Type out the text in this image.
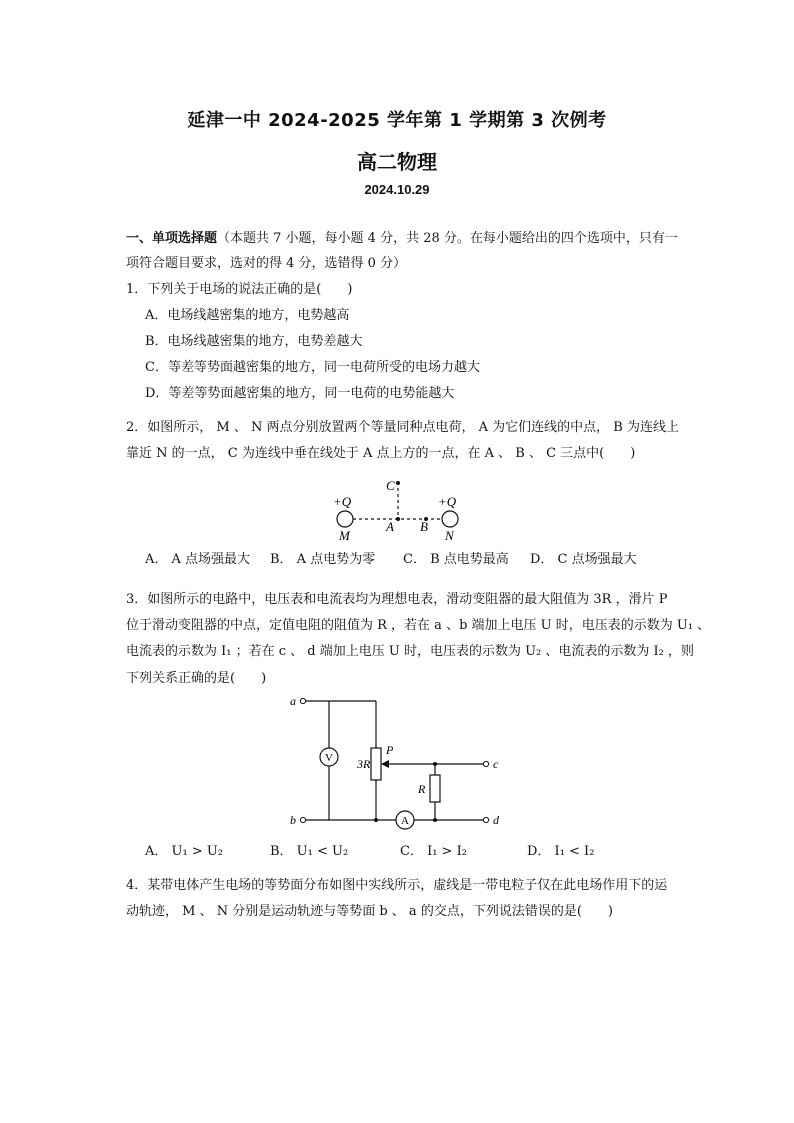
延津一中 2024-2025 学年第 1 学期第 3 次例考
高二物理
2024.10.29
一、单项选择题（本题共 7 小题，每小题 4 分，共 28 分。在每小题给出的四个选项中，只有一
项符合题目要求，选对的得 4 分，选错得 0 分）
1．下列关于电场的说法正确的是(　　)
A．电场线越密集的地方，电势越高
B．电场线越密集的地方，电势差越大
C．等差等势面越密集的地方，同一电荷所受的电场力越大
D．等差等势面越密集的地方，同一电荷的电势能越大
2．如图所示， M 、 N 两点分别放置两个等量同种点电荷， A 为它们连线的中点， B 为连线上
靠近 N 的一点， C 为连线中垂在线处于 A 点上方的一点，在 A 、 B 、 C 三点中(　　)
+Q	+Q
C
A B
M	N
A． A 点场强最大 B． A 点电势为零 C． B 点电势最高 D． C 点场强最大
3．如图所示的电路中，电压表和电流表均为理想电表，滑动变阻器的最大阻值为 3R ，滑片 P
位于滑动变阻器的中点，定值电阻的阻值为 R ，若在 a 、b 端加上电压 U 时，电压表的示数为 U₁ 、
电流表的示数为 I₁ ；若在 c 、 d 端加上电压 U 时，电压表的示数为 U₂ 、电流表的示数为 I₂ ，则
下列关系正确的是(　　)
a
3R
P
V	c
R
b	A	d
A． U₁ > U₂	B． U₁ < U₂	C． I₁ > I₂	D． I₁ < I₂
4．某带电体产生电场的等势面分布如图中实线所示，虚线是一带电粒子仅在此电场作用下的运
动轨迹， M 、 N 分别是运动轨迹与等势面 b 、 a 的交点，下列说法错误的是(　　)
